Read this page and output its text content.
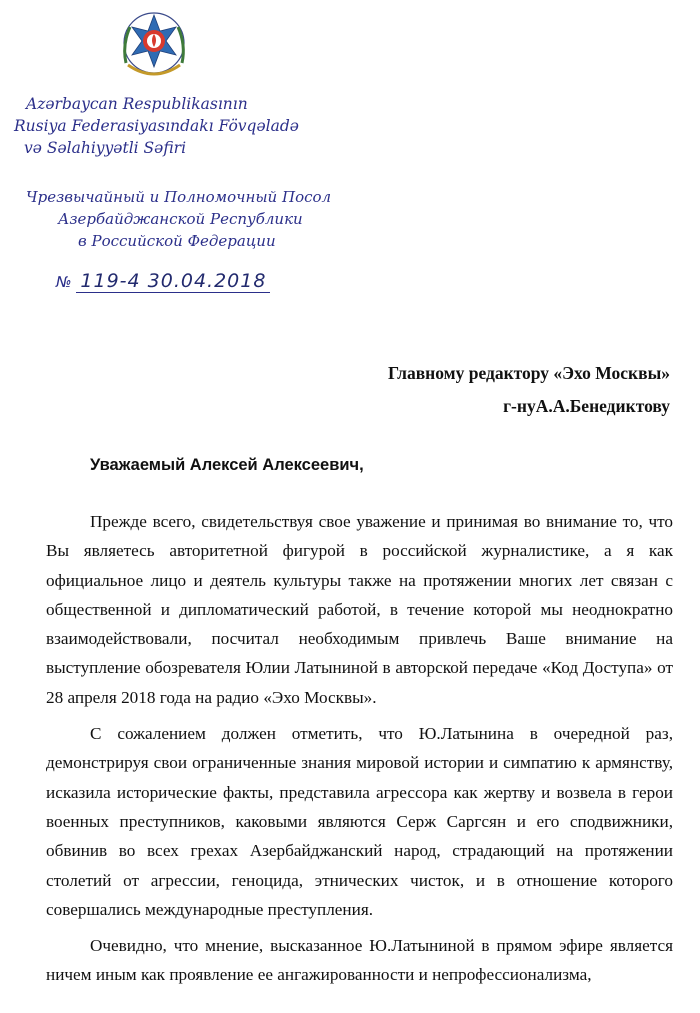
Azərbaycan Respublikasının
Rusiya Federasiyasındakı Fövqəladə
və Səlahiyyətli Səfiri
Чрезвычайный и Полномочный Посол
Азербайджанской Республики
в Российской Федерации
№ 119-4 30.04.2018
Главному редактору «Эхо Москвы»
г-нуА.А.Бенедиктову
Уважаемый Алексей Алексеевич,

Прежде всего, свидетельствуя свое уважение и принимая во внимание то, что Вы являетесь авторитетной фигурой в российской журналистике, а я как официальное лицо и деятель культуры также на протяжении многих лет связан с общественной и дипломатический работой, в течение которой мы неоднократно взаимодействовали, посчитал необходимым привлечь Ваше внимание на выступление обозревателя Юлии Латыниной в авторской передаче «Код Доступа» от 28 апреля 2018 года на радио «Эхо Москвы».

С сожалением должен отметить, что Ю.Латынина в очередной раз, демонстрируя свои ограниченные знания мировой истории и симпатию к армянству, исказила исторические факты, представила агрессора как жертву и возвела в герои военных преступников, каковыми являются Серж Саргсян и его сподвижники, обвинив во всех грехах Азербайджанский народ, страдающий на протяжении столетий от агрессии, геноцида, этнических чисток, и в отношение которого совершались международные преступления.

Очевидно, что мнение, высказанное Ю.Латыниной в прямом эфире является ничем иным как проявление ее ангажированности и непрофессионализма,
